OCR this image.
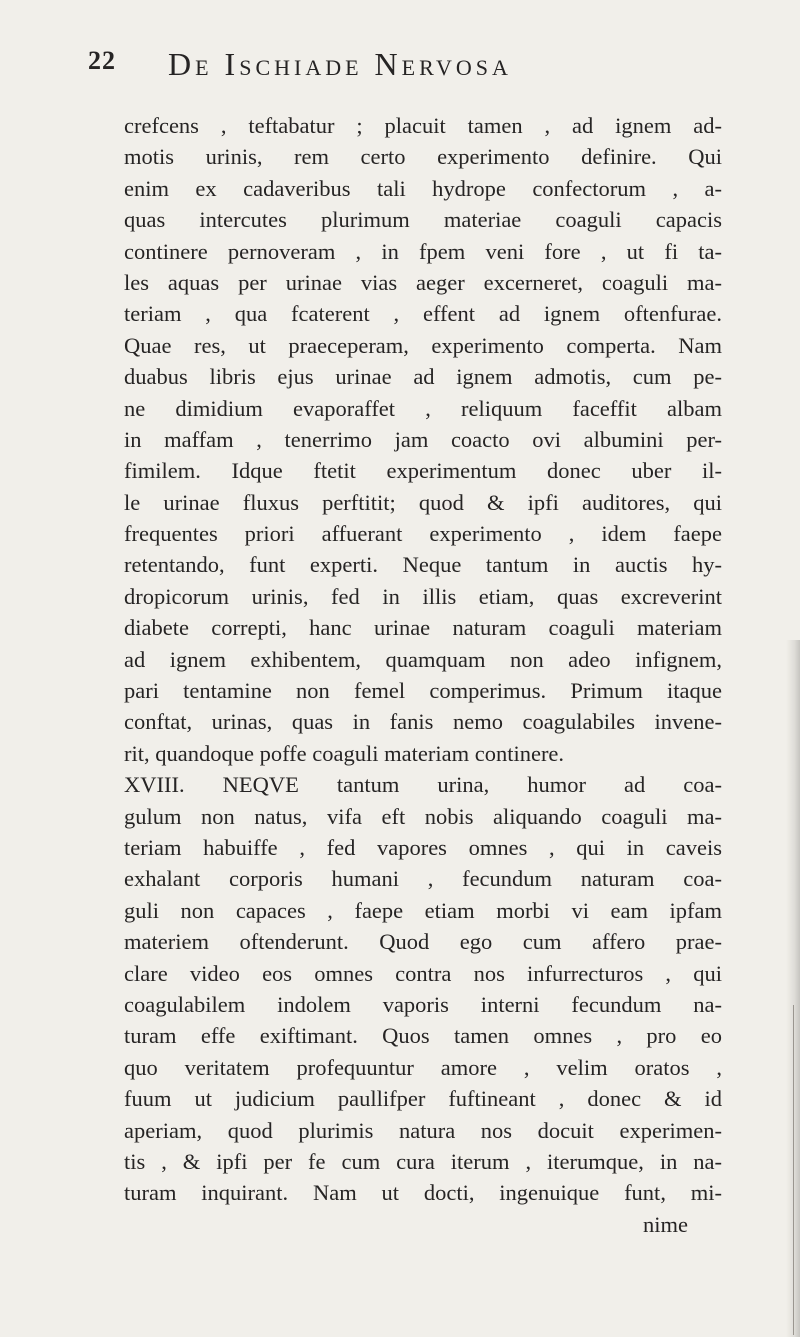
22 De Ischiade Nervosa
crefcens , teftabatur ; placuit tamen , ad ignem ad-
motis urinis, rem certo experimento definire. Qui
enim ex cadaveribus tali hydrope confectorum , a-
quas intercutes plurimum materiae coaguli capacis
continere pernoveram , in fpem veni fore , ut fi ta-
les aquas per urinae vias aeger excerneret, coaguli ma-
teriam , qua fcaterent , effent ad ignem oftenfurae.
Quae res, ut praeceperam, experimento comperta. Nam
duabus libris ejus urinae ad ignem admotis, cum pe-
ne dimidium evaporaffet , reliquum faceffit albam
in maffam , tenerrimo jam coacto ovi albumini per-
fimilem. Idque ftetit experimentum donec uber il-
le urinae fluxus perftitit; quod & ipfi auditores, qui
frequentes priori affuerant experimento , idem faepe
retentando, funt experti. Neque tantum in auctis hy-
dropicorum urinis, fed in illis etiam, quas excreverint
diabete correpti, hanc urinae naturam coaguli materiam
ad ignem exhibentem, quamquam non adeo infignem,
pari tentamine non femel comperimus. Primum itaque
conftat, urinas, quas in fanis nemo coagulabiles invene-
rit, quandoque poffe coaguli materiam continere.
XVIII. NEQVE tantum urina, humor ad coa-
gulum non natus, vifa eft nobis aliquando coaguli ma-
teriam habuiffe , fed vapores omnes , qui in caveis
exhalant corporis humani , fecundum naturam coa-
guli non capaces , faepe etiam morbi vi eam ipfam
materiem oftenderunt. Quod ego cum affero prae-
clare video eos omnes contra nos infurrecturos , qui
coagulabilem indolem vaporis interni fecundum na-
turam effe exiftimant. Quos tamen omnes , pro eo
quo veritatem profequuntur amore , velim oratos ,
fuum ut judicium paullifper fuftineant , donec & id
aperiam, quod plurimis natura nos docuit experimen-
tis , & ipfi per fe cum cura iterum , iterumque, in na-
turam inquirant. Nam ut docti, ingenuique funt, mi-
nime
